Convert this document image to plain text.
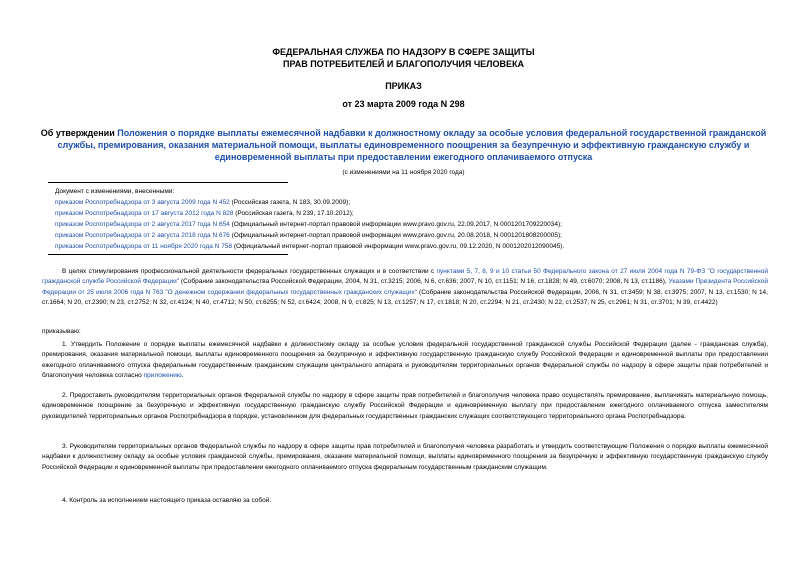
ФЕДЕРАЛЬНАЯ СЛУЖБА ПО НАДЗОРУ В СФЕРЕ ЗАЩИТЫ
ПРАВ ПОТРЕБИТЕЛЕЙ И БЛАГОПОЛУЧИЯ ЧЕЛОВЕКА
ПРИКАЗ
от 23 марта 2009 года N 298
Об утверждении Положения о порядке выплаты ежемесячной надбавки к должностному окладу за особые условия федеральной государственной гражданской службы, премирования, оказания материальной помощи, выплаты единовременного поощрения за безупречную и эффективную гражданскую службу и единовременной выплаты при предоставлении ежегодного оплачиваемого отпуска
(с изменениями на 11 ноября 2020 года)
Документ с изменениями, внесенными:
приказом Роспотребнадзора от 3 августа 2009 года N 452 (Российская газета, N 183, 30.09.2009);
приказом Роспотребнадзора от 17 августа 2012 года N 828 (Российская газета, N 239, 17.10.2012);
приказом Роспотребнадзора от 2 августа 2017 года N 654 (Официальный интернет-портал правовой информации www.pravo.gov.ru, 22.09.2017, N 0001201709220034);
приказом Роспотребнадзора от 2 августа 2018 года N 676 (Официальный интернет-портал правовой информации www.pravo.gov.ru, 20.08.2018, N 0001201808200005);
приказом Роспотребнадзора от 11 ноября 2020 года N 758 (Официальный интернет-портал правовой информации www.pravo.gov.ru, 09.12.2020, N 0001202012090045).

В целях стимулирования профессиональной деятельности федеральных государственных служащих и в соответствии с пунктами 5, 7, 8, 9 и 10 статьи 50 Федерального закона от 27 июля 2004 года N 79-ФЗ "О государственной гражданской службе Российской Федерации" (Собрание законодательства Российской Федерации, 2004, N 31, ст.3215; 2006, N 6, ст.636; 2007, N 10, ст.1151; N 16, ст.1828; N 49, ст.6070; 2008, N 13, ст.1186), Указами Президента Российской Федерации от 25 июля 2006 года N 763 "О денежном содержании федеральных государственных гражданских служащих" (Собрание законодательства Российской Федерации, 2006, N 31, ст.3459; N 38, ст.3975; 2007, N 13, ст.1530; N 14, ст.1664; N 20, ст.2390; N 23, ст.2752; N 32, ст.4124; N 40, ст.4712; N 50, ст.6255; N 52, ст.6424; 2008, N 9, ст.825; N 13, ст.1257; N 17, ст.1818; N 20, ст.2294; N 21, ст.2430; N 22, ст.2537; N 25, ст.2961; N 31, ст.3701; N 39, ст.4422)

приказываю:

1. Утвердить Положение о порядке выплаты ежемесячной надбавки к должностному окладу за особые условия федеральной государственной гражданской службы Российской Федерации (далее - гражданская служба), премирования, оказания материальной помощи, выплаты единовременного поощрения за безупречную и эффективную государственную гражданскую службу Российской Федерации и единовременной выплаты при предоставлении ежегодного оплачиваемого отпуска федеральным государственным гражданским служащим центрального аппарата и руководителям территориальных органов Федеральной службы по надзору в сфере защиты прав потребителей и благополучия человека согласно приложению.

2. Предоставить руководителям территориальных органов Федеральной службы по надзору в сфере защиты прав потребителей и благополучия человека право осуществлять премирование, выплачивать материальную помощь, единовременное поощрение за безупречную и эффективную государственную гражданскую службу Российской Федерации и единовременную выплату при предоставлении ежегодного оплачиваемого отпуска заместителям руководителей территориальных органов Роспотребнадзора в порядке, установленном для федеральных государственных гражданских служащих соответствующего территориального органа Роспотребнадзора.

3. Руководителям территориальных органов Федеральной службы по надзору в сфере защиты прав потребителей и благополучия человека разработать и утвердить соответствующие Положения о порядке выплаты ежемесячной надбавки к должностному окладу за особые условия гражданской службы, премирования, оказания материальной помощи, выплаты единовременного поощрения за безупречную и эффективную государственную гражданскую службу Российской Федерации и единовременной выплаты при предоставлении ежегодного оплачиваемого отпуска федеральным государственным гражданским служащим.

4. Контроль за исполнением настоящего приказа оставляю за собой.
